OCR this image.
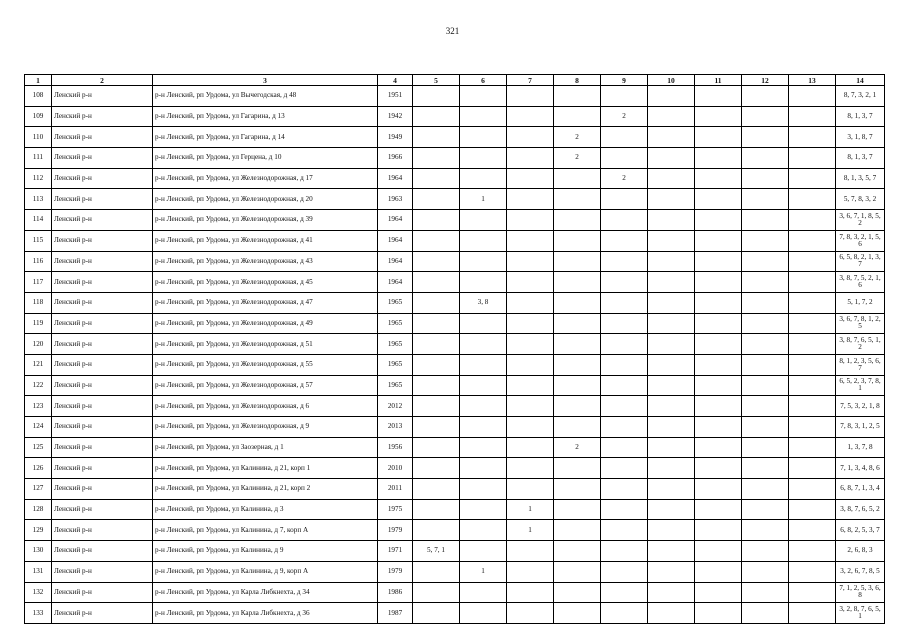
321
1	2	3	4	5	6	7	8	9	10	11	12	13	14
108	Ленский р-н	р-н Ленский, рп Урдома, ул Вычегодская, д 48	1951										8, 7, 3, 2, 1
109	Ленский р-н	р-н Ленский, рп Урдома, ул Гагарина, д 13	1942					2					8, 1, 3, 7
110	Ленский р-н	р-н Ленский, рп Урдома, ул Гагарина, д 14	1949				2						3, 1, 8, 7
111	Ленский р-н	р-н Ленский, рп Урдома, ул Герцена, д 10	1966				2						8, 1, 3, 7
112	Ленский р-н	р-н Ленский, рп Урдома, ул Железнодорожная, д 17	1964					2					8, 1, 3, 5, 7
113	Ленский р-н	р-н Ленский, рп Урдома, ул Железнодорожная, д 20	1963		1								5, 7, 8, 3, 2
114	Ленский р-н	р-н Ленский, рп Урдома, ул Железнодорожная, д 39	1964										3, 6, 7, 1, 8, 5, 2
115	Ленский р-н	р-н Ленский, рп Урдома, ул Железнодорожная, д 41	1964										7, 8, 3, 2, 1, 5, 6
116	Ленский р-н	р-н Ленский, рп Урдома, ул Железнодорожная, д 43	1964										6, 5, 8, 2, 1, 3, 7
117	Ленский р-н	р-н Ленский, рп Урдома, ул Железнодорожная, д 45	1964										3, 8, 7, 5, 2, 1, 6
118	Ленский р-н	р-н Ленский, рп Урдома, ул Железнодорожная, д 47	1965		3, 8								5, 1, 7, 2
119	Ленский р-н	р-н Ленский, рп Урдома, ул Железнодорожная, д 49	1965										3, 6, 7, 8, 1, 2, 5
120	Ленский р-н	р-н Ленский, рп Урдома, ул Железнодорожная, д 51	1965										3, 8, 7, 6, 5, 1, 2
121	Ленский р-н	р-н Ленский, рп Урдома, ул Железнодорожная, д 55	1965										8, 1, 2, 3, 5, 6, 7
122	Ленский р-н	р-н Ленский, рп Урдома, ул Железнодорожная, д 57	1965										6, 5, 2, 3, 7, 8, 1
123	Ленский р-н	р-н Ленский, рп Урдома, ул Железнодорожная, д 6	2012										7, 5, 3, 2, 1, 8
124	Ленский р-н	р-н Ленский, рп Урдома, ул Железнодорожная, д 9	2013										7, 8, 3, 1, 2, 5
125	Ленский р-н	р-н Ленский, рп Урдома, ул Заозерная, д 1	1956				2						1, 3, 7, 8
126	Ленский р-н	р-н Ленский, рп Урдома, ул Калинина, д 21, корп 1	2010										7, 1, 3, 4, 8, 6
127	Ленский р-н	р-н Ленский, рп Урдома, ул Калинина, д 21, корп 2	2011										6, 8, 7, 1, 3, 4
128	Ленский р-н	р-н Ленский, рп Урдома, ул Калинина, д 3	1975			1							3, 8, 7, 6, 5, 2
129	Ленский р-н	р-н Ленский, рп Урдома, ул Калинина, д 7, корп А	1979			1							6, 8, 2, 5, 3, 7
130	Ленский р-н	р-н Ленский, рп Урдома, ул Калинина, д 9	1971	5, 7, 1									2, 6, 8, 3
131	Ленский р-н	р-н Ленский, рп Урдома, ул Калинина, д 9, корп А	1979		1								3, 2, 6, 7, 8, 5
132	Ленский р-н	р-н Ленский, рп Урдома, ул Карла Либкнехта, д 34	1986										7, 1, 2, 5, 3, 6, 8
133	Ленский р-н	р-н Ленский, рп Урдома, ул Карла Либкнехта, д 36	1987										3, 2, 8, 7, 6, 5, 1
